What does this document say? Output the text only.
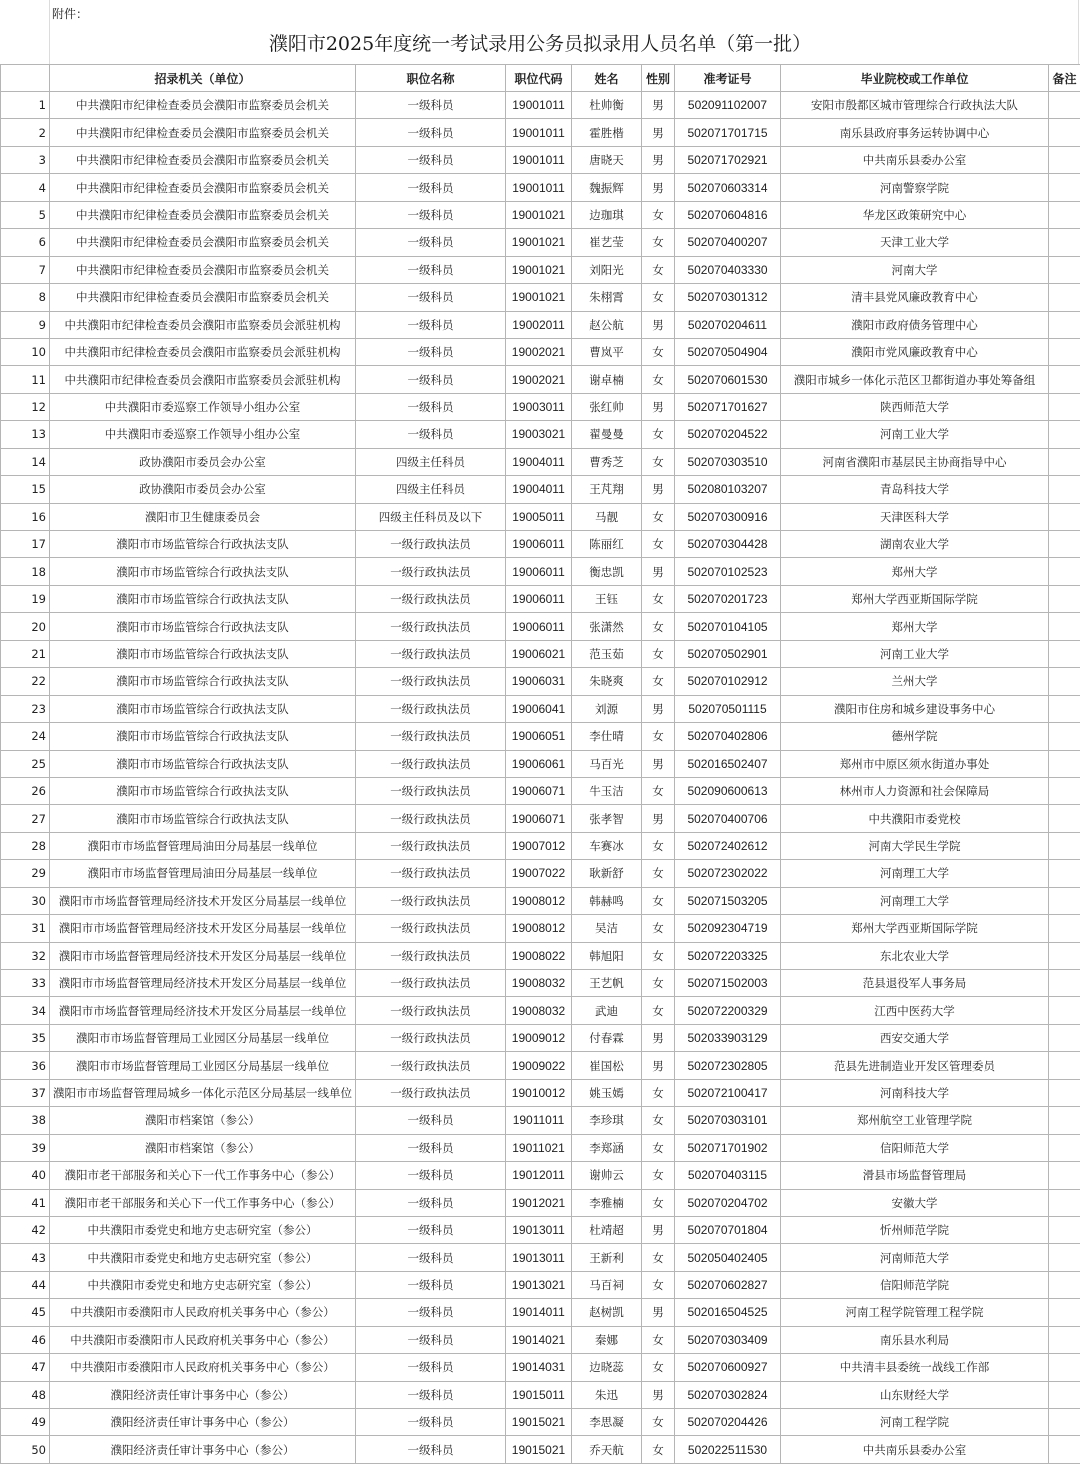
附件：
濮阳市2025年度统一考试录用公务员拟录用人员名单（第一批）
	招录机关（单位）	职位名称	职位代码	姓名	性别	准考证号	毕业院校或工作单位	备注
1	中共濮阳市纪律检查委员会濮阳市监察委员会机关	一级科员	19001011	杜帅衡	男	502091102007	安阳市殷都区城市管理综合行政执法大队	
2	中共濮阳市纪律检查委员会濮阳市监察委员会机关	一级科员	19001011	霍胜楷	男	502071701715	南乐县政府事务运转协调中心	
3	中共濮阳市纪律检查委员会濮阳市监察委员会机关	一级科员	19001011	唐晓天	男	502071702921	中共南乐县委办公室	
4	中共濮阳市纪律检查委员会濮阳市监察委员会机关	一级科员	19001011	魏振辉	男	502070603314	河南警察学院	
5	中共濮阳市纪律检查委员会濮阳市监察委员会机关	一级科员	19001021	边珈琪	女	502070604816	华龙区政策研究中心	
6	中共濮阳市纪律检查委员会濮阳市监察委员会机关	一级科员	19001021	崔艺莹	女	502070400207	天津工业大学	
7	中共濮阳市纪律检查委员会濮阳市监察委员会机关	一级科员	19001021	刘阳光	女	502070403330	河南大学	
8	中共濮阳市纪律检查委员会濮阳市监察委员会机关	一级科员	19001021	朱栩霄	女	502070301312	清丰县党风廉政教育中心	
9	中共濮阳市纪律检查委员会濮阳市监察委员会派驻机构	一级科员	19002011	赵公航	男	502070204611	濮阳市政府债务管理中心	
10	中共濮阳市纪律检查委员会濮阳市监察委员会派驻机构	一级科员	19002021	曹岚平	女	502070504904	濮阳市党风廉政教育中心	
11	中共濮阳市纪律检查委员会濮阳市监察委员会派驻机构	一级科员	19002021	谢卓楠	女	502070601530	濮阳市城乡一体化示范区卫都街道办事处筹备组	
12	中共濮阳市委巡察工作领导小组办公室	一级科员	19003011	张红帅	男	502071701627	陕西师范大学	
13	中共濮阳市委巡察工作领导小组办公室	一级科员	19003021	翟曼曼	女	502070204522	河南工业大学	
14	政协濮阳市委员会办公室	四级主任科员	19004011	曹秀芝	女	502070303510	河南省濮阳市基层民主协商指导中心	
15	政协濮阳市委员会办公室	四级主任科员	19004011	王芃翔	男	502080103207	青岛科技大学	
16	濮阳市卫生健康委员会	四级主任科员及以下	19005011	马靓	女	502070300916	天津医科大学	
17	濮阳市市场监管综合行政执法支队	一级行政执法员	19006011	陈丽红	女	502070304428	湖南农业大学	
18	濮阳市市场监管综合行政执法支队	一级行政执法员	19006011	衡忠凯	男	502070102523	郑州大学	
19	濮阳市市场监管综合行政执法支队	一级行政执法员	19006011	王钰	女	502070201723	郑州大学西亚斯国际学院	
20	濮阳市市场监管综合行政执法支队	一级行政执法员	19006011	张潇然	女	502070104105	郑州大学	
21	濮阳市市场监管综合行政执法支队	一级行政执法员	19006021	范玉茹	女	502070502901	河南工业大学	
22	濮阳市市场监管综合行政执法支队	一级行政执法员	19006031	朱晓爽	女	502070102912	兰州大学	
23	濮阳市市场监管综合行政执法支队	一级行政执法员	19006041	刘源	男	502070501115	濮阳市住房和城乡建设事务中心	
24	濮阳市市场监管综合行政执法支队	一级行政执法员	19006051	李仕晴	女	502070402806	德州学院	
25	濮阳市市场监管综合行政执法支队	一级行政执法员	19006061	马百光	男	502016502407	郑州市中原区须水街道办事处	
26	濮阳市市场监管综合行政执法支队	一级行政执法员	19006071	牛玉洁	女	502090600613	林州市人力资源和社会保障局	
27	濮阳市市场监管综合行政执法支队	一级行政执法员	19006071	张孝智	男	502070400706	中共濮阳市委党校	
28	濮阳市市场监督管理局油田分局基层一线单位	一级行政执法员	19007012	车赛冰	女	502072402612	河南大学民生学院	
29	濮阳市市场监督管理局油田分局基层一线单位	一级行政执法员	19007022	耿新舒	女	502072302022	河南理工大学	
30	濮阳市市场监督管理局经济技术开发区分局基层一线单位	一级行政执法员	19008012	韩赫鸣	女	502071503205	河南理工大学	
31	濮阳市市场监督管理局经济技术开发区分局基层一线单位	一级行政执法员	19008012	吴洁	女	502092304719	郑州大学西亚斯国际学院	
32	濮阳市市场监督管理局经济技术开发区分局基层一线单位	一级行政执法员	19008022	韩旭阳	女	502072203325	东北农业大学	
33	濮阳市市场监督管理局经济技术开发区分局基层一线单位	一级行政执法员	19008032	王艺帆	女	502071502003	范县退役军人事务局	
34	濮阳市市场监督管理局经济技术开发区分局基层一线单位	一级行政执法员	19008032	武迪	女	502072200329	江西中医药大学	
35	濮阳市市场监督管理局工业园区分局基层一线单位	一级行政执法员	19009012	付春霖	男	502033903129	西安交通大学	
36	濮阳市市场监督管理局工业园区分局基层一线单位	一级行政执法员	19009022	崔国松	男	502072302805	范县先进制造业开发区管理委员	
37	濮阳市市场监督管理局城乡一体化示范区分局基层一线单位	一级行政执法员	19010012	姚玉嫣	女	502072100417	河南科技大学	
38	濮阳市档案馆（参公）	一级科员	19011011	李珍琪	女	502070303101	郑州航空工业管理学院	
39	濮阳市档案馆（参公）	一级科员	19011021	李郑涵	女	502071701902	信阳师范大学	
40	濮阳市老干部服务和关心下一代工作事务中心（参公）	一级科员	19012011	谢帅云	女	502070403115	滑县市场监督管理局	
41	濮阳市老干部服务和关心下一代工作事务中心（参公）	一级科员	19012021	李雅楠	女	502070204702	安徽大学	
42	中共濮阳市委党史和地方史志研究室（参公）	一级科员	19013011	杜靖超	男	502070701804	忻州师范学院	
43	中共濮阳市委党史和地方史志研究室（参公）	一级科员	19013011	王新利	女	502050402405	河南师范大学	
44	中共濮阳市委党史和地方史志研究室（参公）	一级科员	19013021	马百祠	女	502070602827	信阳师范学院	
45	中共濮阳市委濮阳市人民政府机关事务中心（参公）	一级科员	19014011	赵树凯	男	502016504525	河南工程学院管理工程学院	
46	中共濮阳市委濮阳市人民政府机关事务中心（参公）	一级科员	19014021	秦娜	女	502070303409	南乐县水利局	
47	中共濮阳市委濮阳市人民政府机关事务中心（参公）	一级科员	19014031	边晓蕊	女	502070600927	中共清丰县委统一战线工作部	
48	濮阳经济责任审计事务中心（参公）	一级科员	19015011	朱迅	男	502070302824	山东财经大学	
49	濮阳经济责任审计事务中心（参公）	一级科员	19015021	李思凝	女	502070204426	河南工程学院	
50	濮阳经济责任审计事务中心（参公）	一级科员	19015021	乔天航	女	502022511530	中共南乐县委办公室	
